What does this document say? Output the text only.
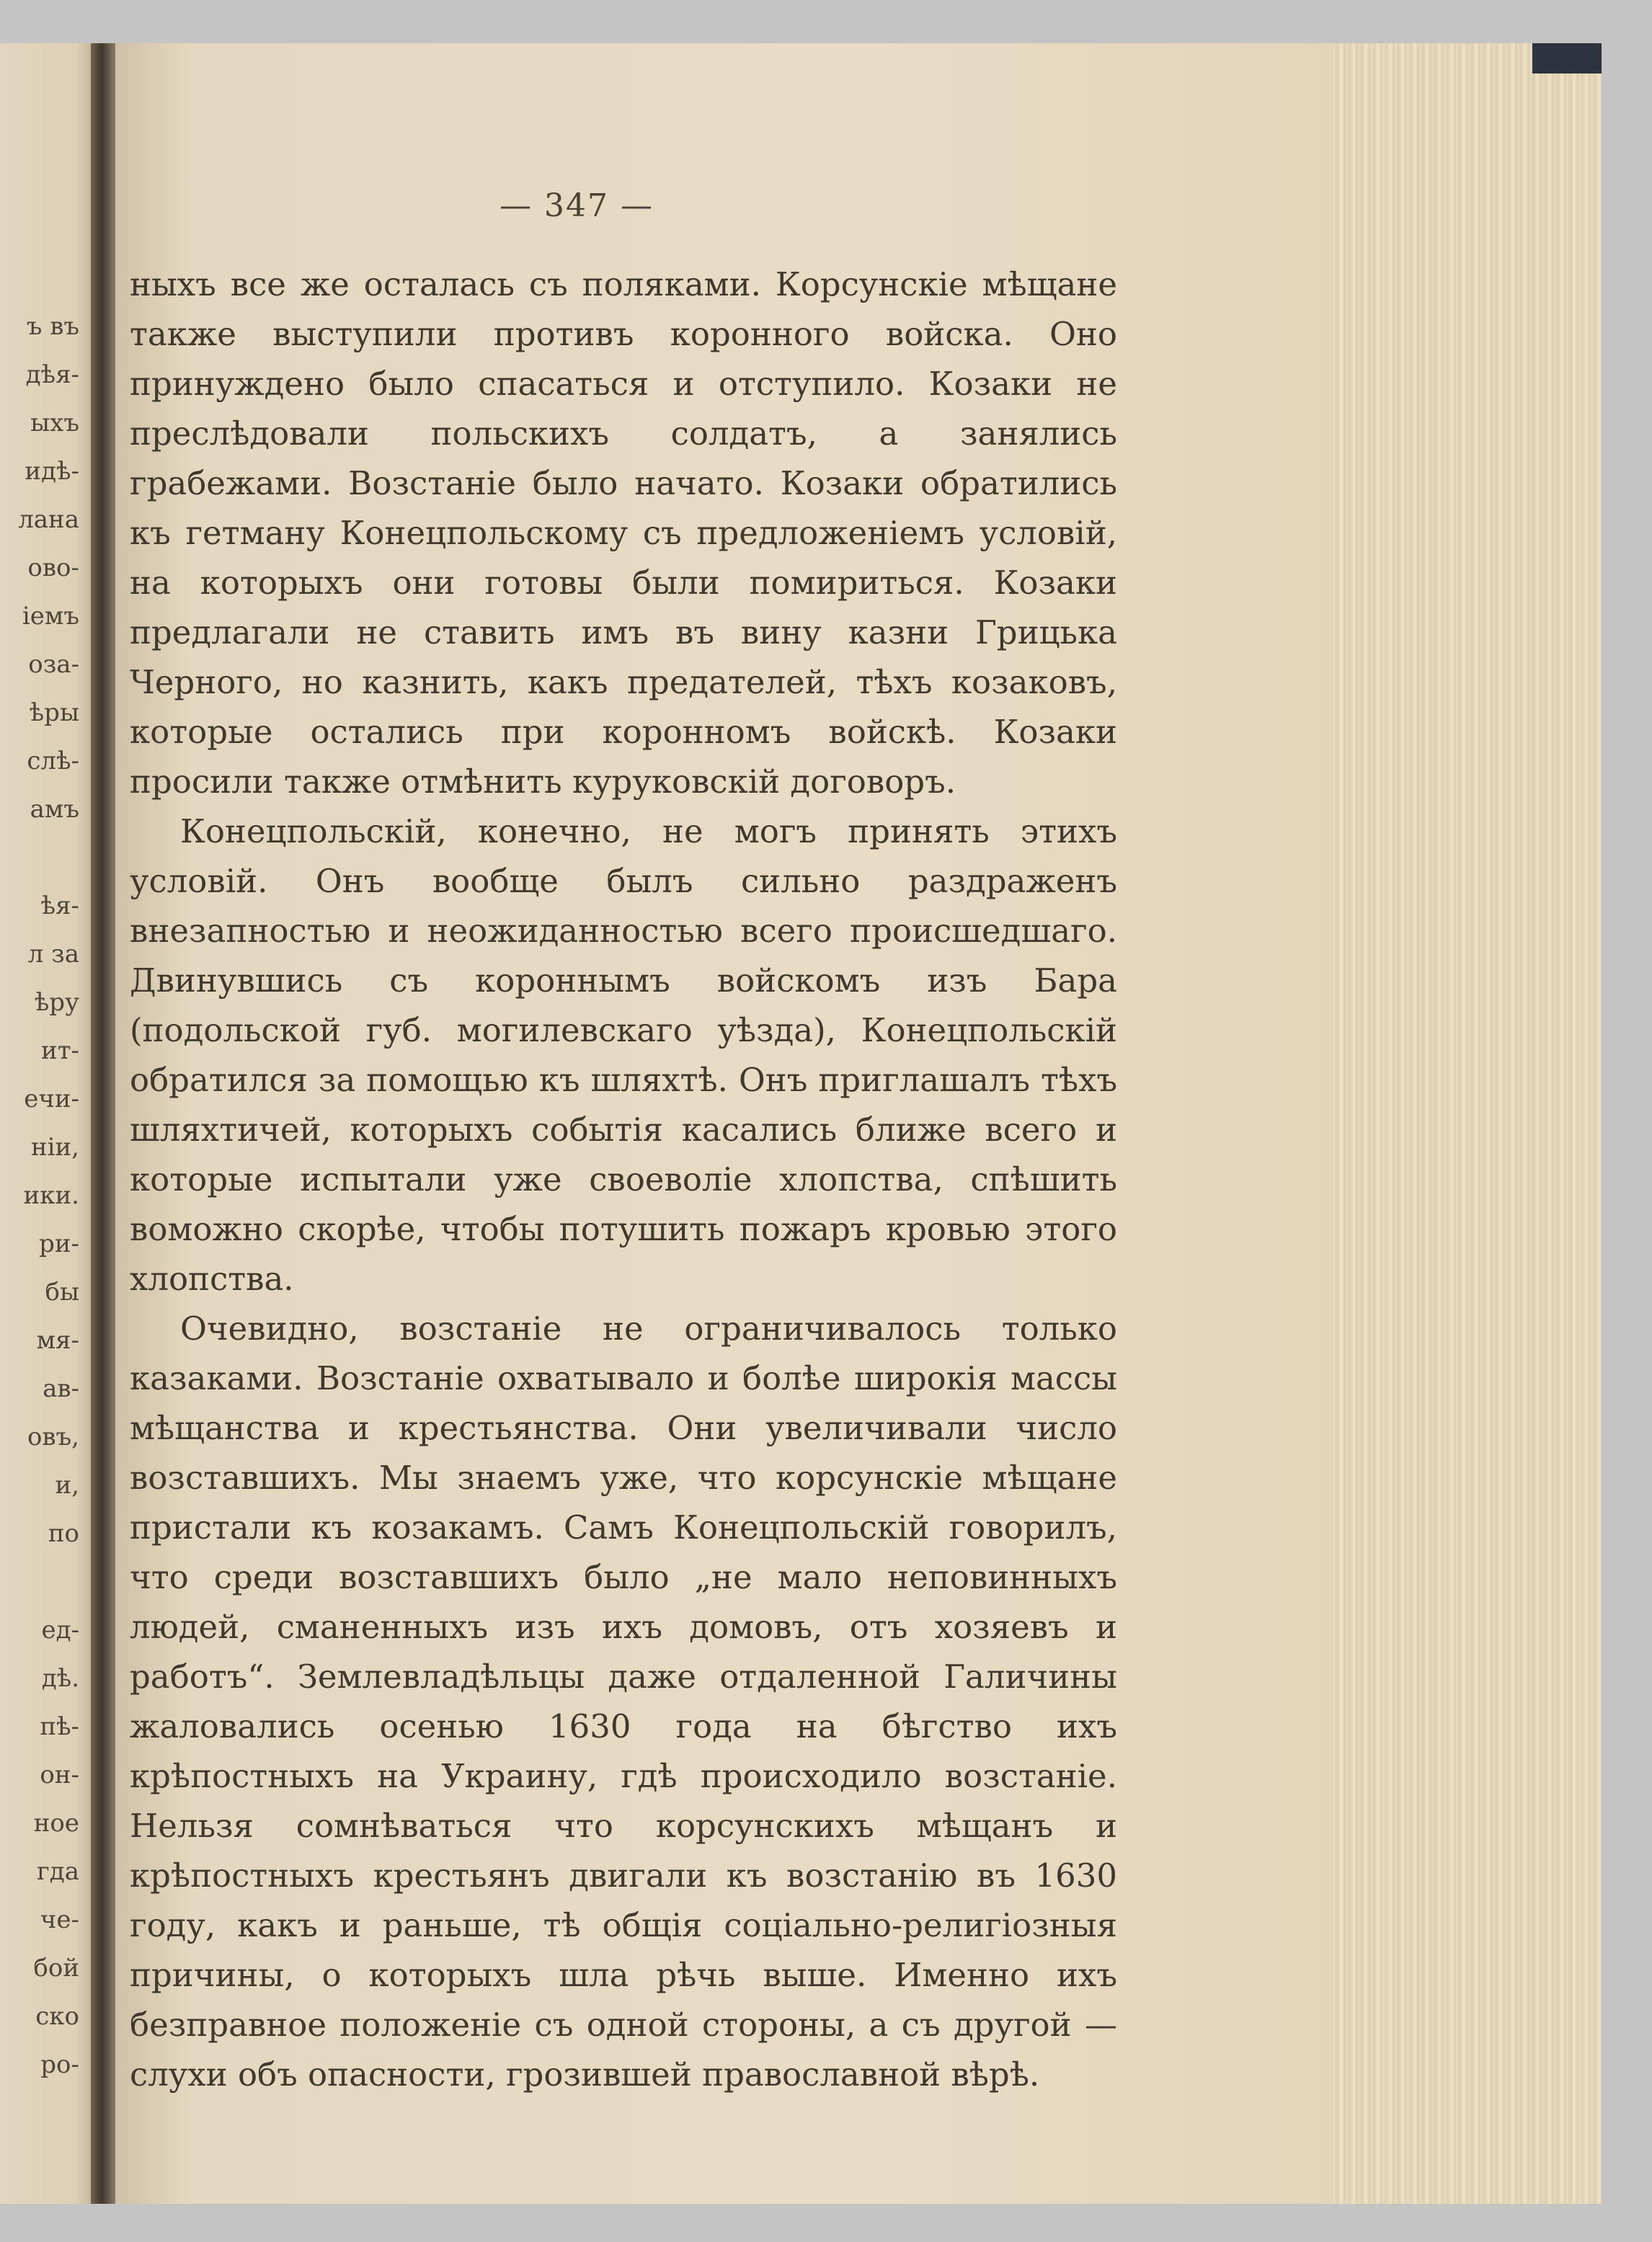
ъ въ
дѣя-
ыхъ
идѣ-
лана
ово-
іемъ
оза-
ѣры
слѣ-
амъ
ѣя-
л за
ѣру
ит-
ечи-
ніи,
ики.
ри-
бы
мя-
ав-
овъ,
и,
по
ед-
дѣ.
пѣ-
он-
ное
гда
че-
бой
ско
ро-
— 347 —

ныхъ все же осталась съ поляками. Корсунскіе мѣщане также выступили противъ коронного войска. Оно принуждено было спасаться и отступило. Козаки не преслѣдовали польскихъ солдатъ, а занялись грабежами. Возстаніе было начато. Козаки обратились къ гетману Конецпольскому съ предложеніемъ условій, на которыхъ они готовы были помириться. Козаки предлагали не ставить имъ въ вину казни Грицька Черного, но казнить, какъ предателей, тѣхъ козаковъ, которые остались при коронномъ войскѣ. Козаки просили также отмѣнить куруковскій договоръ.

Конецпольскій, конечно, не могъ принять этихъ условій. Онъ вообще былъ сильно раздраженъ внезапностью и неожиданностью всего происшедшаго. Двинувшись съ короннымъ войскомъ изъ Бара (подольской губ. могилевскаго уѣзда), Конецпольскій обратился за помощью къ шляхтѣ. Онъ приглашалъ тѣхъ шляхтичей, которыхъ событія касались ближе всего и которые испытали уже своеволіе хлопства, спѣшить воможно скорѣе, чтобы потушить пожаръ кровью этого хлопства.

Очевидно, возстаніе не ограничивалось только казаками. Возстаніе охватывало и болѣе широкія массы мѣщанства и крестьянства. Они увеличивали число возставшихъ. Мы знаемъ уже, что корсунскіе мѣщане пристали къ козакамъ. Самъ Конецпольскій говорилъ, что среди возставшихъ было „не мало неповинныхъ людей, сманенныхъ изъ ихъ домовъ, отъ хозяевъ и работъ“. Землевладѣльцы даже отдаленной Галичины жаловались осенью 1630 года на бѣгство ихъ крѣпостныхъ на Украину, гдѣ происходило возстаніе. Нельзя сомнѣваться что корсунскихъ мѣщанъ и крѣпостныхъ крестьянъ двигали къ возстанію въ 1630 году, какъ и раньше, тѣ общія соціально-религіозныя причины, о которыхъ шла рѣчь выше. Именно ихъ безправное положеніе съ одной стороны, а съ другой — слухи объ опасности, грозившей православной вѣрѣ.
